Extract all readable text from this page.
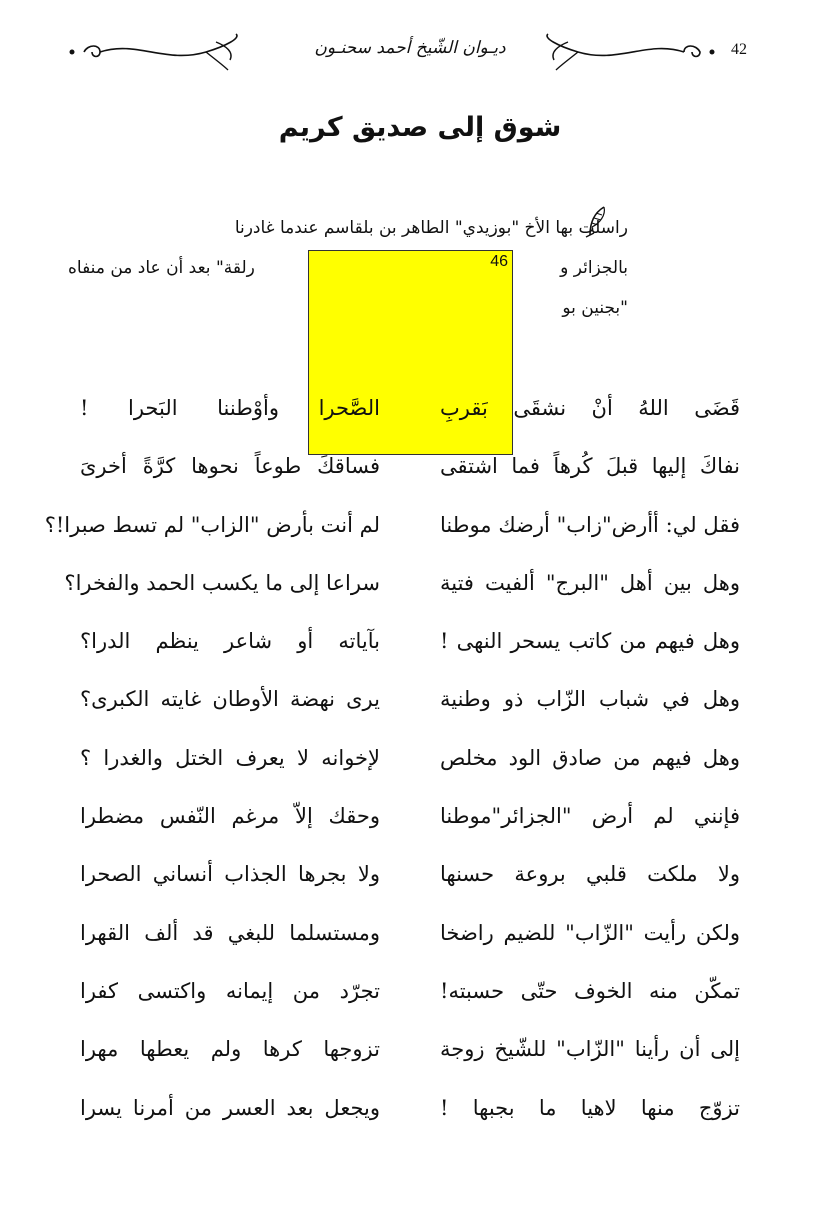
ديـوان الشّيخ أحمد سحنـون	42
شوق إلى صديق كريم
راسلت بها الأخ "بوزيدي" الطاهر بن بلقاسم عندما غادرنا
بالجزائر و
رلقة" بعد أن عاد من منفاه
"بجنين بو
46
قَضَى اللهُ أنْ نشقَى بَقربِ
الصَّحرا وأوْطننا البَحرا !
نفاكَ إليها قبلَ كُرهاً فما اشتقى
فساقكَ طوعاً نحوها كرَّةً أخرىَ
فقل لي: أأرض"زاب" أرضك موطنا
لم أنت بأرض "الزاب" لم تسط صبرا!؟
وهل بين أهل "البرج" ألفيت فتية
سراعا إلى ما يكسب الحمد والفخرا؟
وهل فيهم من كاتب يسحر النهى !
بآياته أو شاعر ينظم الدرا؟
وهل في شباب الزّاب ذو وطنية
يرى نهضة الأوطان غايته الكبرى؟
وهل فيهم من صادق الود مخلص
لإخوانه لا يعرف الختل والغدرا ؟
فإنني لم أرض "الجزائر"موطنا
وحقك إلاّ مرغم النّفس مضطرا
ولا ملكت قلبي بروعة حسنها
ولا بجرها الجذاب أنساني الصحرا
ولكن رأيت "الزّاب" للضيم راضخا
ومستسلما للبغي قد ألف القهرا
تمكّن منه الخوف حتّى حسبته!
تجرّد من إيمانه واكتسى كفرا
إلى أن رأينا "الزّاب" للشّيخ زوجة
تزوجها كرها ولم يعطها مهرا
تزوّج منها لاهيا ما بجبها !
ويجعل بعد العسر من أمرنا يسرا
